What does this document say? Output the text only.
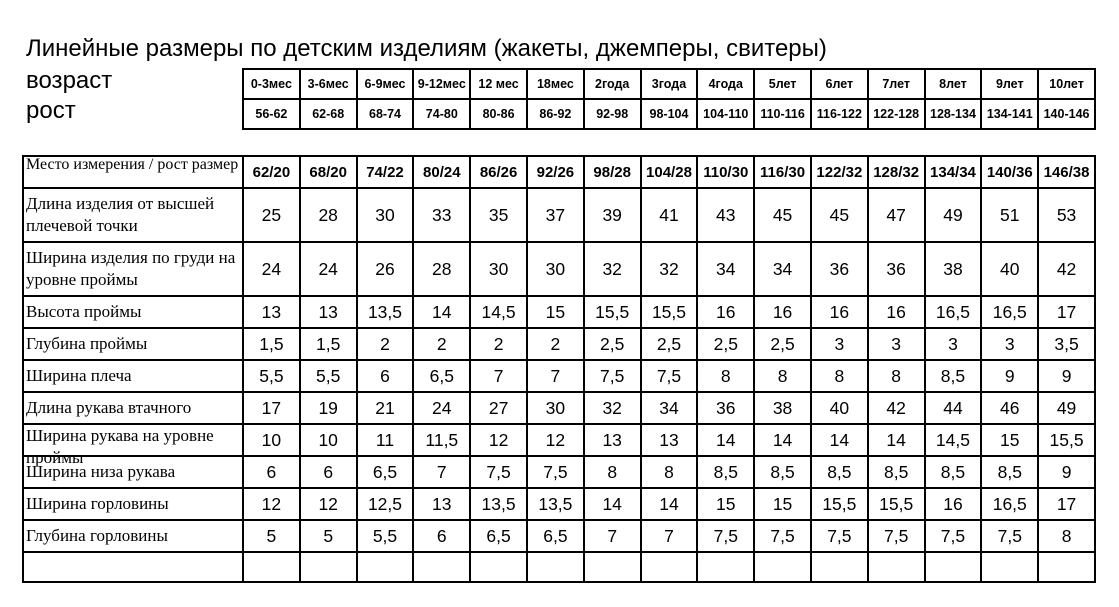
Линейные размеры по детским изделиям (жакеты, джемперы, свитеры)
возраст
рост
0-3мес	3-6мес	6-9мес	9-12мес	12 мес	18мес	2года	3года	4года	5лет	6лет	7лет	8лет	9лет	10лет
56-62	62-68	68-74	74-80	80-86	86-92	92-98	98-104	104-110	110-116	116-122	122-128	128-134	134-141	140-146
Место измерения / рост размер	62/20	68/20	74/22	80/24	86/26	92/26	98/28	104/28	110/30	116/30	122/32	128/32	134/34	140/36	146/38

Длина изделия от высшей плечевой точки	25	28	30	33	35	37	39	41	43	45	45	47	49	51	53

Ширина изделия по груди на уровне проймы	24	24	26	28	30	30	32	32	34	34	36	36	38	40	42

Высота проймы	13	13	13,5	14	14,5	15	15,5	15,5	16	16	16	16	16,5	16,5	17

Глубина проймы	1,5	1,5	2	2	2	2	2,5	2,5	2,5	2,5	3	3	3	3	3,5

Ширина плеча	5,5	5,5	6	6,5	7	7	7,5	7,5	8	8	8	8	8,5	9	9

Длина рукава втачного	17	19	21	24	27	30	32	34	36	38	40	42	44	46	49

Ширина рукава на уровне проймы	10	10	11	11,5	12	12	13	13	14	14	14	14	14,5	15	15,5

Ширина низа рукава	6	6	6,5	7	7,5	7,5	8	8	8,5	8,5	8,5	8,5	8,5	8,5	9

Ширина горловины	12	12	12,5	13	13,5	13,5	14	14	15	15	15,5	15,5	16	16,5	17

Глубина горловины	5	5	5,5	6	6,5	6,5	7	7	7,5	7,5	7,5	7,5	7,5	7,5	8
